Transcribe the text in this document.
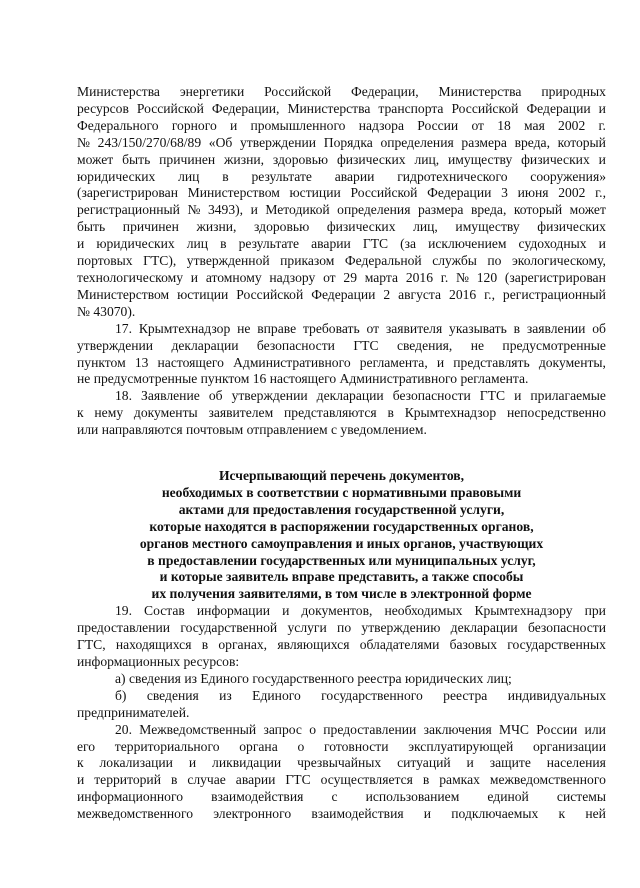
Министерства энергетики Российской Федерации, Министерства природных
ресурсов Российской Федерации, Министерства транспорта Российской Федерации и
Федерального горного и промышленного надзора России от 18 мая 2002 г.
№ 243/150/270/68/89 «Об утверждении Порядка определения размера вреда, который
может быть причинен жизни, здоровью физических лиц, имуществу физических и
юридических лиц в результате аварии гидротехнического сооружения»
(зарегистрирован Министерством юстиции Российской Федерации 3 июня 2002 г.,
регистрационный № 3493), и Методикой определения размера вреда, который может
быть причинен жизни, здоровью физических лиц, имуществу физических
и юридических лиц в результате аварии ГТС (за исключением судоходных и
портовых ГТС), утвержденной приказом Федеральной службы по экологическому,
технологическому и атомному надзору от 29 марта 2016 г. № 120 (зарегистрирован
Министерством юстиции Российской Федерации 2 августа 2016 г., регистрационный
№ 43070).
17. Крымтехнадзор не вправе требовать от заявителя указывать в заявлении об
утверждении декларации безопасности ГТС сведения, не предусмотренные
пунктом 13 настоящего Административного регламента, и представлять документы,
не предусмотренные пунктом 16 настоящего Административного регламента.
18. Заявление об утверждении декларации безопасности ГТС и прилагаемые
к нему документы заявителем представляются в Крымтехнадзор непосредственно
или направляются почтовым отправлением с уведомлением.
Исчерпывающий перечень документов,
необходимых в соответствии с нормативными правовыми
актами для предоставления государственной услуги,
которые находятся в распоряжении государственных органов,
органов местного самоуправления и иных органов, участвующих
в предоставлении государственных или муниципальных услуг,
и которые заявитель вправе представить, а также способы
их получения заявителями, в том числе в электронной форме
19. Состав информации и документов, необходимых Крымтехнадзору при
предоставлении государственной услуги по утверждению декларации безопасности
ГТС, находящихся в органах, являющихся обладателями базовых государственных
информационных ресурсов:
а) сведения из Единого государственного реестра юридических лиц;
б) сведения из Единого государственного реестра индивидуальных
предпринимателей.
20. Межведомственный запрос о предоставлении заключения МЧС России или
его территориального органа о готовности эксплуатирующей организации
к локализации и ликвидации чрезвычайных ситуаций и защите населения
и территорий в случае аварии ГТС осуществляется в рамках межведомственного
информационного взаимодействия с использованием единой системы
межведомственного электронного взаимодействия и подключаемых к ней
